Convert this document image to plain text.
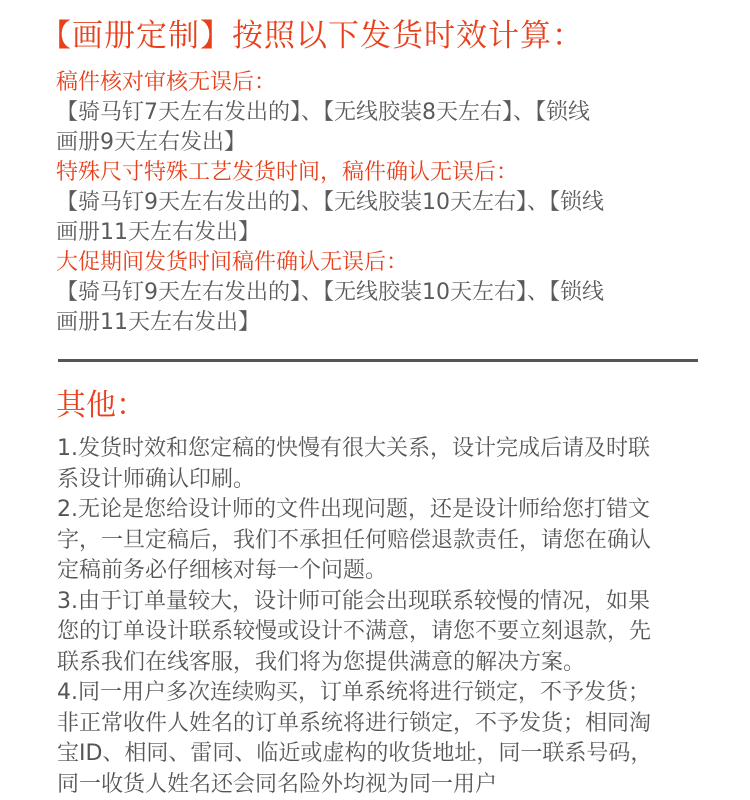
【画册定制】按照以下发货时效计算：
稿件核对审核无误后：
【骑马钉7天左右发出的】、【无线胶装8天左右】、【锁线
画册9天左右发出】
特殊尺寸特殊工艺发货时间，稿件确认无误后：
【骑马钉9天左右发出的】、【无线胶装10天左右】、【锁线
画册11天左右发出】
大促期间发货时间稿件确认无误后：
【骑马钉9天左右发出的】、【无线胶装10天左右】、【锁线
画册11天左右发出】
其他：
1.发货时效和您定稿的快慢有很大关系，设计完成后请及时联
系设计师确认印刷。
2.无论是您给设计师的文件出现问题，还是设计师给您打错文
字，一旦定稿后，我们不承担任何赔偿退款责任，请您在确认
定稿前务必仔细核对每一个问题。
3.由于订单量较大，设计师可能会出现联系较慢的情况，如果
您的订单设计联系较慢或设计不满意，请您不要立刻退款，先
联系我们在线客服，我们将为您提供满意的解决方案。
4.同一用户多次连续购买，订单系统将进行锁定，不予发货；
非正常收件人姓名的订单系统将进行锁定，不予发货；相同淘
宝ID、相同、雷同、临近或虚构的收货地址，同一联系号码，
同一收货人姓名还会同名险外均视为同一用户
